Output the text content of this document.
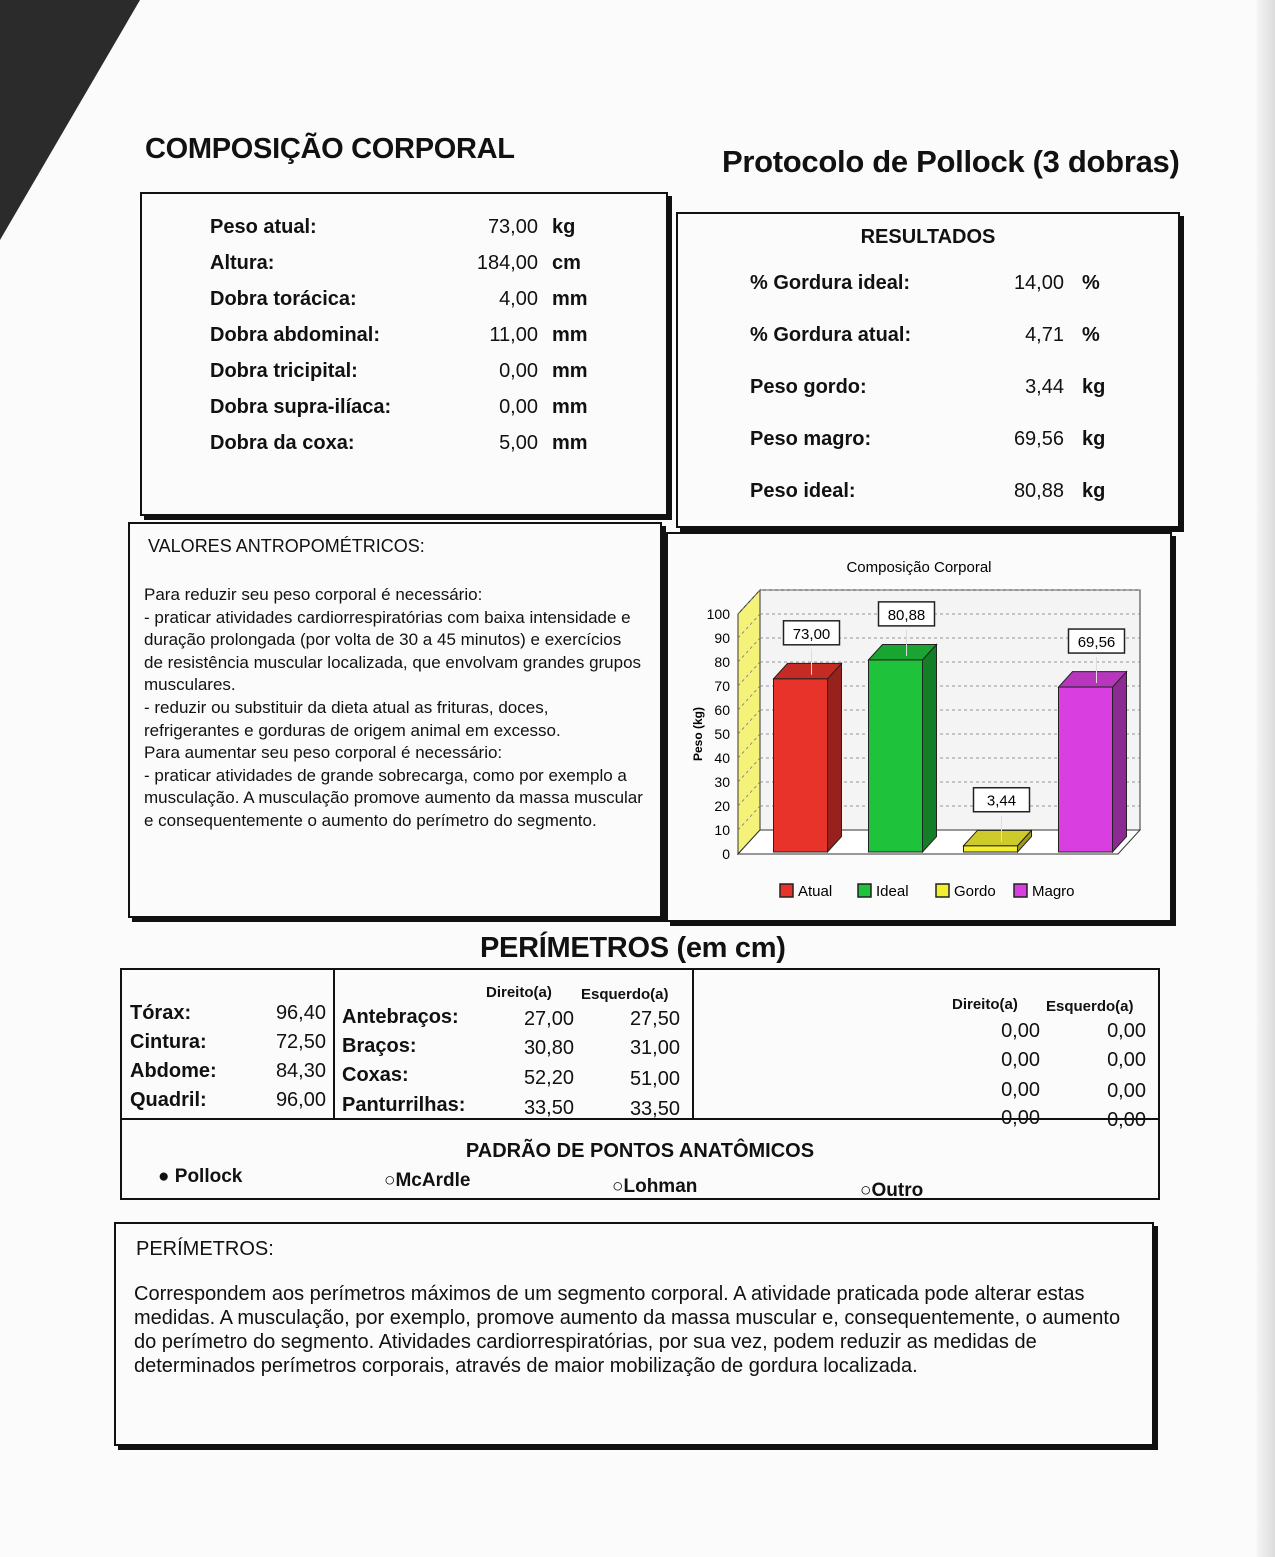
COMPOSIÇÃO CORPORAL	Protocolo de Pollock (3 dobras)
Peso atual:	73,00 kg
Altura:	184,00 cm
Dobra torácica:	4,00 mm
Dobra abdominal:	11,00 mm
Dobra tricipital:	0,00 mm
Dobra supra-ilíaca:	0,00 mm
Dobra da coxa:	5,00 mm
RESULTADOS
% Gordura ideal:	14,00 %
% Gordura atual:	4,71 %
Peso gordo:	3,44 kg
Peso magro:	69,56 kg
Peso ideal:	80,88 kg
VALORES ANTROPOMÉTRICOS:

Para reduzir seu peso corporal é necessário:

- praticar atividades cardiorrespiratórias com baixa intensidade e duração prolongada (por volta de 30 a 45 minutos) e exercícios de resistência muscular localizada, que envolvam grandes grupos musculares.

- reduzir ou substituir da dieta atual as frituras, doces, refrigerantes e gorduras de origem animal em excesso.

Para aumentar seu peso corporal é necessário:

- praticar atividades de grande sobrecarga, como por exemplo a musculação. A musculação promove aumento da massa muscular e consequentemente o aumento do perímetro do segmento.

Composição Corporal
0
10
20
30
40
50
60
70
80
90
100
Peso (kg)
73,00
80,88
3,44
69,56
Atual	Ideal	Gordo Magro
PERÍMETROS (em cm)
Tórax:	96,40
Cintura:	72,50
Abdome:	84,30
Quadril:	96,00
Direito(a) Esquerdo(a)
Antebraços:	27,00	27,50
Braços:	30,80	31,00
Coxas:	52,20	51,00
Panturrilhas:	33,50	33,50
Direito(a) Esquerdo(a)
0,00	0,00
0,00	0,00
0,00	0,00
0,00	0,00
PADRÃO DE PONTOS ANATÔMICOS
● Pollock	○McArdle	○Lohman	○Outro
PERÍMETROS:
Correspondem aos perímetros máximos de um segmento corporal. A atividade praticada pode alterar estas medidas. A musculação, por exemplo, promove aumento da massa muscular e, consequentemente, o aumento do perímetro do segmento. Atividades cardiorrespiratórias, por sua vez, podem reduzir as medidas de determinados perímetros corporais, através de maior mobilização de gordura localizada.
